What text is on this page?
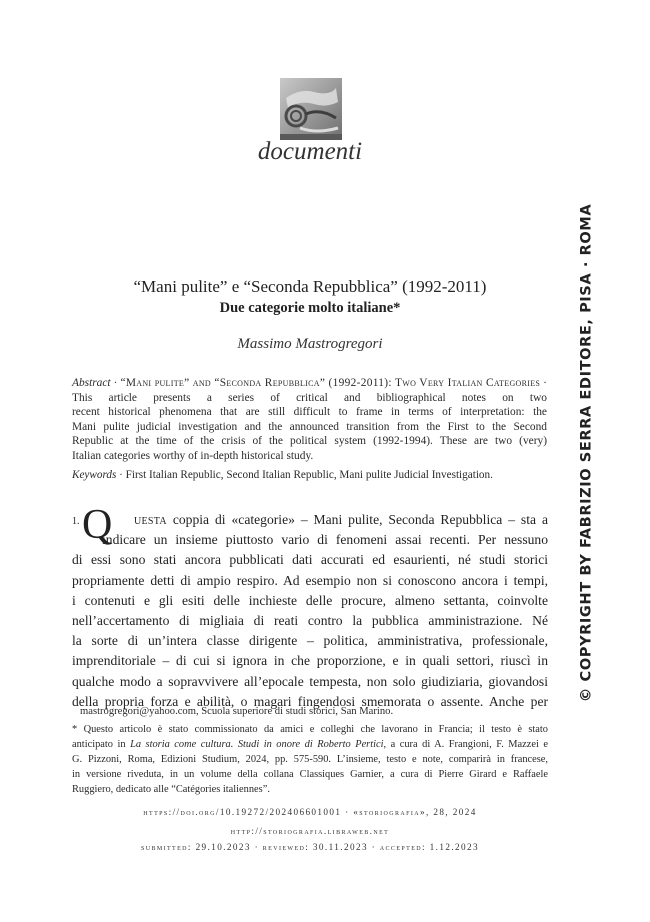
documenti
“Mani pulite” e “Seconda Repubblica” (1992-2011)
Due categorie molto italiane*
Massimo Mastrogregori
Abstract · “Mani pulite” and “Seconda Repubblica” (1992-2011): Two Very Italian Categories ·
This article presents a series of critical and bibliographical notes on two
recent historical phenomena that are still difficult to frame in terms of interpretation: the
Mani pulite judicial investigation and the announced transition from the First to the Second
Republic at the time of the crisis of the political system (1992-1994). These are two (very)
Italian categories worthy of in-depth historical study.
Keywords · First Italian Republic, Second Italian Republic, Mani pulite Judicial Investigation.
1. Q	uesta coppia di «categorie» – Mani pulite, Seconda Repubblica – sta a
indicare un insieme piuttosto vario di fenomeni assai recenti. Per nessuno
di essi sono stati ancora pubblicati dati accurati ed esaurienti, né studi storici
propriamente detti di ampio respiro. Ad esempio non si conoscono ancora i tempi,
i contenuti e gli esiti delle inchieste delle procure, almeno settanta, coinvolte
nell’accertamento di migliaia di reati contro la pubblica amministrazione. Né
la sorte di un’intera classe dirigente – politica, amministrativa, professionale,
imprenditoriale – di cui si ignora in che proporzione, e in quali settori, riuscì in
qualche modo a sopravvivere all’epocale tempesta, non solo giudiziaria, giovandosi
della propria forza e abilità, o magari fingendosi smemorata o assente. Anche per
mastrogregori@yahoo.com, Scuola superiore di studi storici, San Marino.
* Questo articolo è stato commissionato da amici e colleghi che lavorano in Francia; il testo è stato
anticipato in La storia come cultura. Studi in onore di Roberto Pertici, a cura di A. Frangioni, F. Mazzei e
G. Pizzoni, Roma, Edizioni Studium, 2024, pp. 575-590. L’insieme, testo e note, comparirà in francese,
in versione riveduta, in un volume della collana Classiques Garnier, a cura di Pierre Girard e Raffaele
Ruggiero, dedicato alle “Catégories italiennes”.
https://doi.org/10.19272/202406601001 · «storiografia», 28, 2024
http://storiografia.libraweb.net
submitted: 29.10.2023 · reviewed: 30.11.2023 · accepted: 1.12.2023
© COPYRIGHT BY FABRIZIO SERRA EDITORE, PISA · ROMA
